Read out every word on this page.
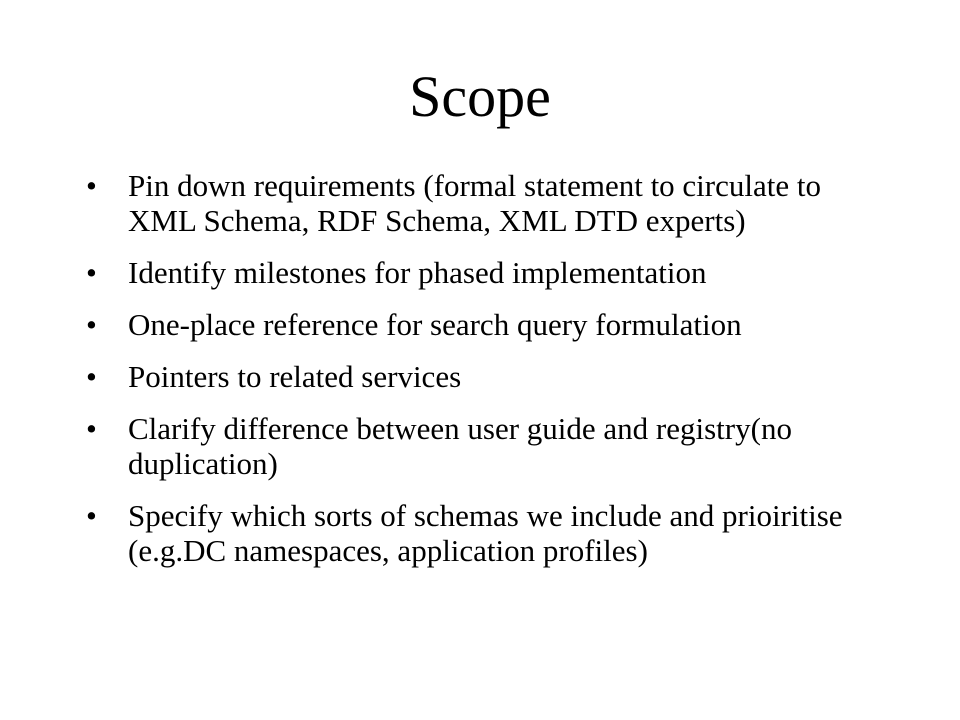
Scope
•	Pin down requirements (formal statement to circulate to XML Schema, RDF Schema, XML DTD experts)
•	Identify milestones for phased implementation
•	One-place reference for search query formulation
•	Pointers to related services
•	Clarify difference between user guide and registry(no duplication)
•	Specify which sorts of schemas we include and prioiritise (e.g.DC namespaces, application profiles)
